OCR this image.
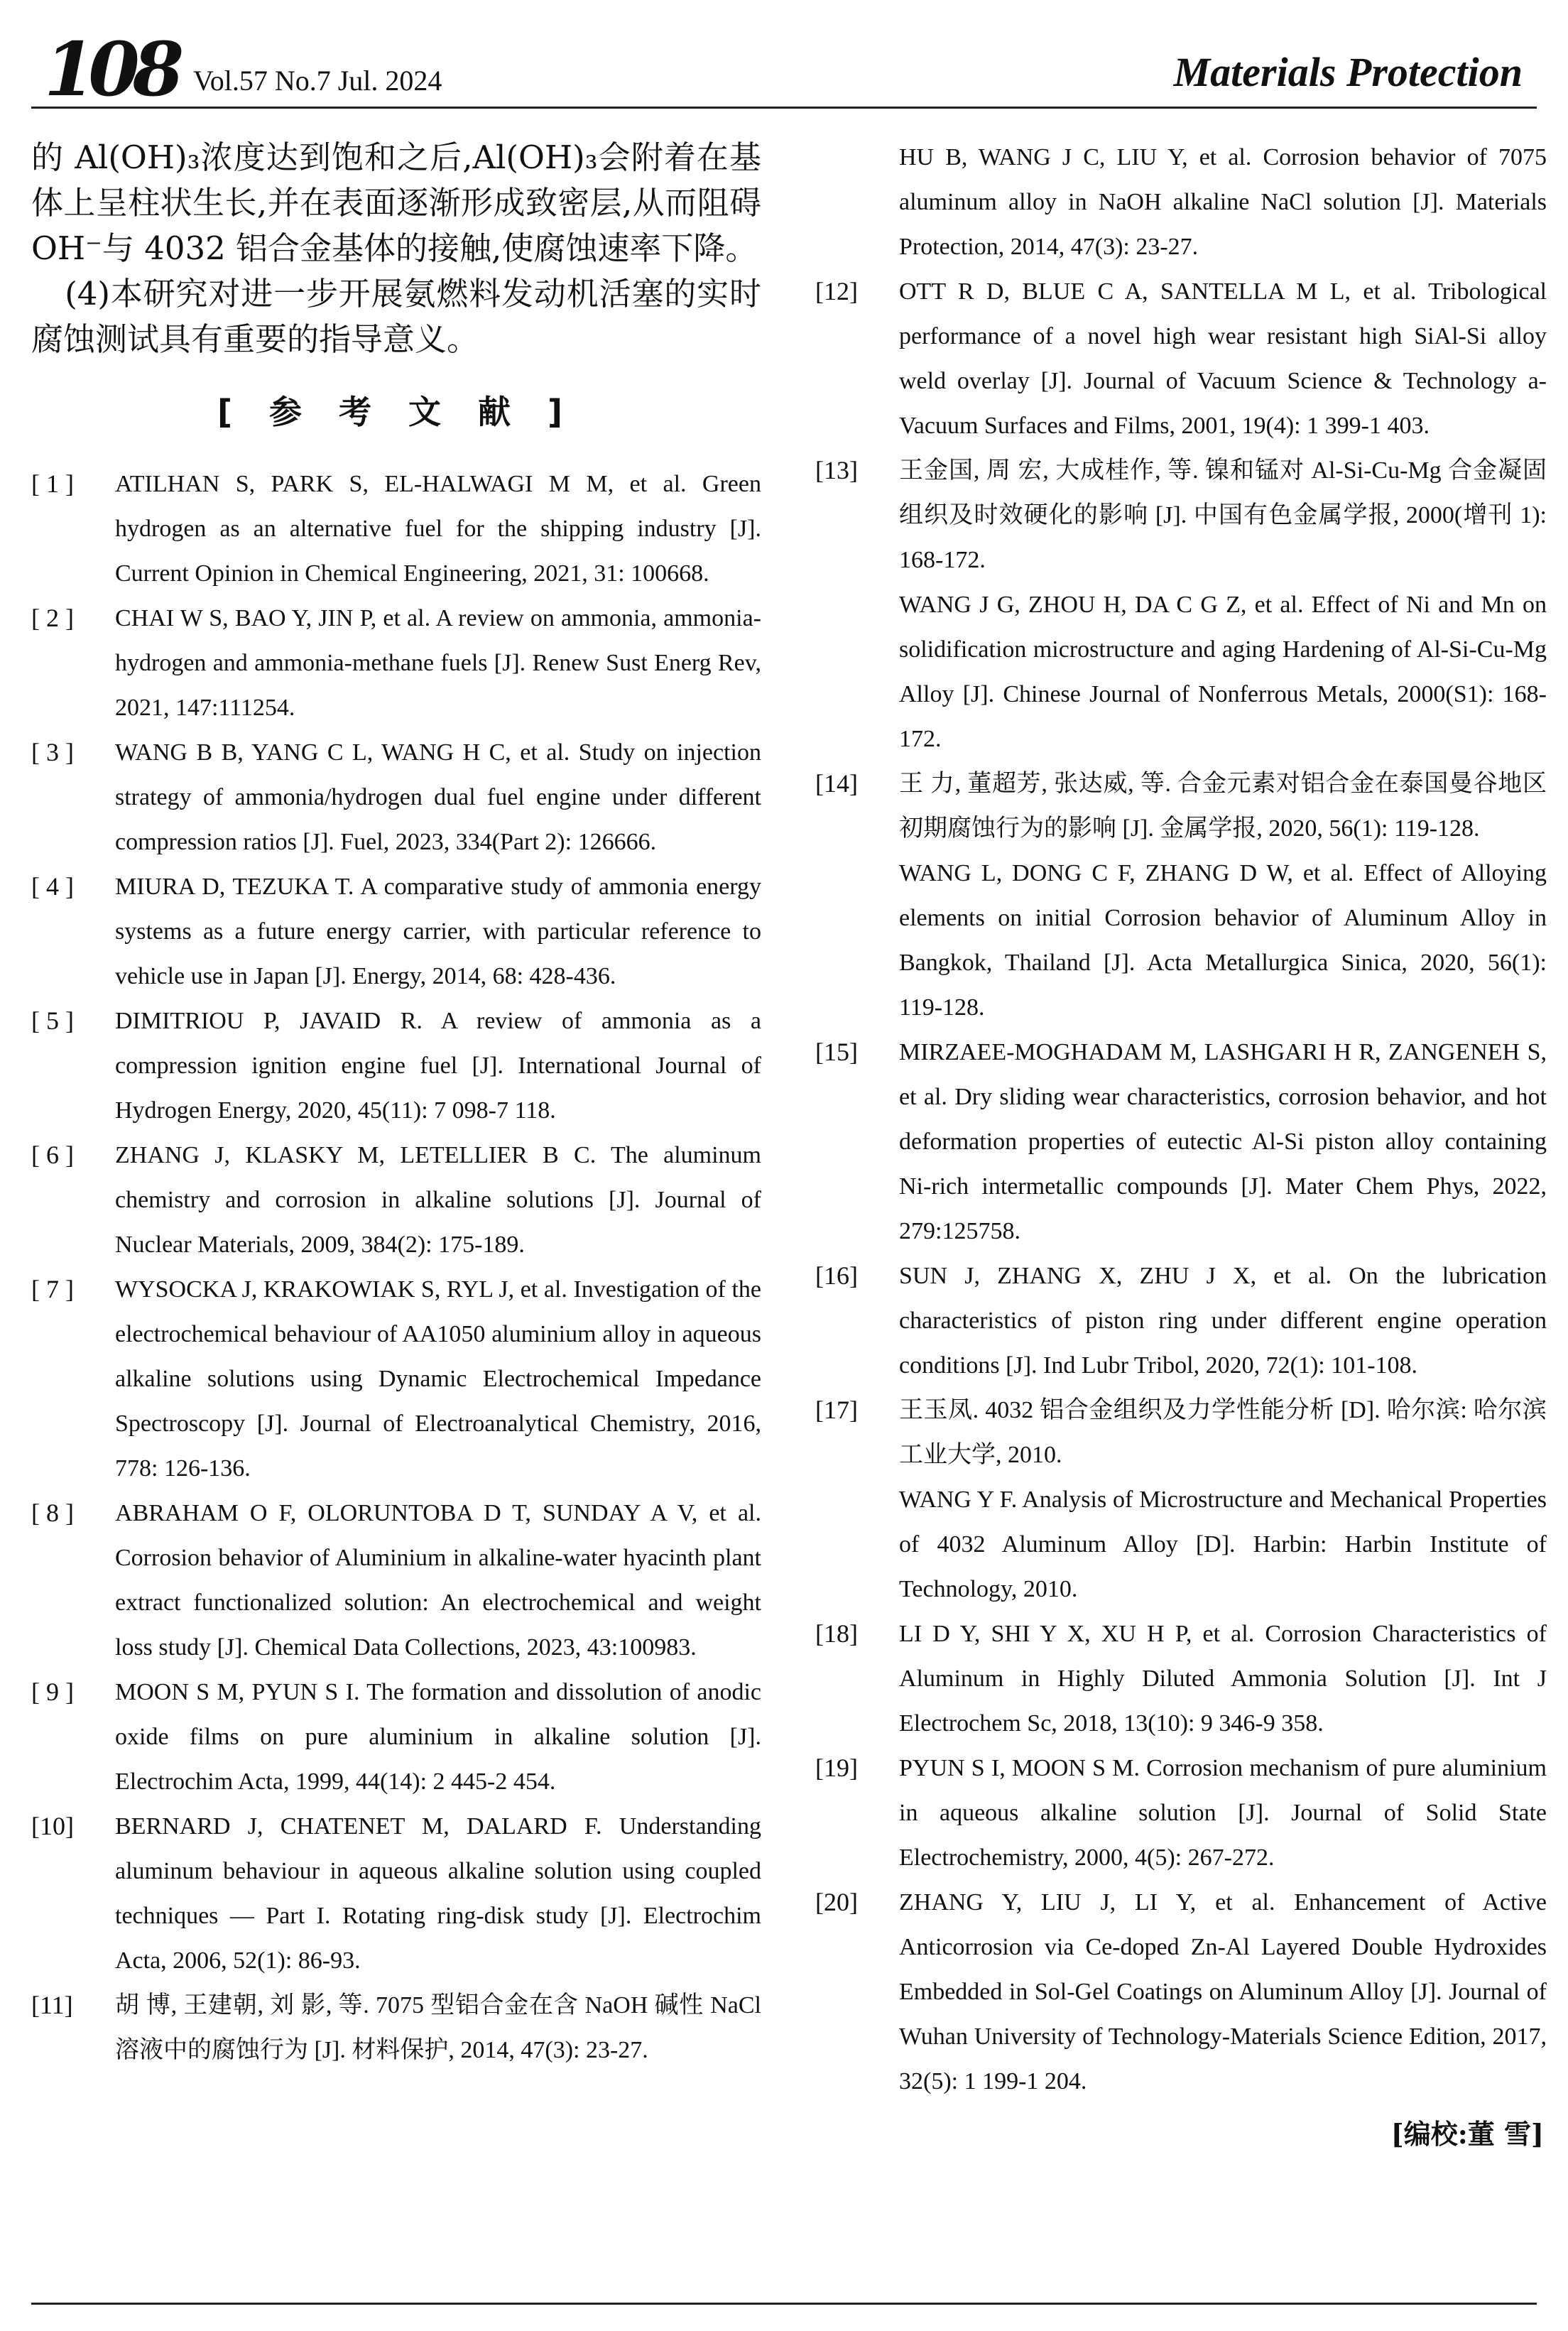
108 Vol.57 No.7 Jul. 2024	Materials Protection

的 Al(OH)₃浓度达到饱和之后,Al(OH)₃会附着在基体上呈柱状生长,并在表面逐渐形成致密层,从而阻碍 OH⁻与 4032 铝合金基体的接触,使腐蚀速率下降。

(4)本研究对进一步开展氨燃料发动机活塞的实时腐蚀测试具有重要的指导意义。

[ 参 考 文 献 ]
[ 1 ] ATILHAN S, PARK S, EL-HALWAGI M M, et al. Green hydrogen as an alternative fuel for the shipping industry [J]. Current Opinion in Chemical Engineering, 2021, 31: 100668.
[ 2 ] CHAI W S, BAO Y, JIN P, et al. A review on ammonia, ammonia-hydrogen and ammonia-methane fuels [J]. Renew Sust Energ Rev, 2021, 147:111254.
[ 3 ] WANG B B, YANG C L, WANG H C, et al. Study on injection strategy of ammonia/hydrogen dual fuel engine under different compression ratios [J]. Fuel, 2023, 334(Part 2): 126666.
[ 4 ] MIURA D, TEZUKA T. A comparative study of ammonia energy systems as a future energy carrier, with particular reference to vehicle use in Japan [J]. Energy, 2014, 68: 428-436.
[ 5 ] DIMITRIOU P, JAVAID R. A review of ammonia as a compression ignition engine fuel [J]. International Journal of Hydrogen Energy, 2020, 45(11): 7 098-7 118.
[ 6 ] ZHANG J, KLASKY M, LETELLIER B C. The aluminum chemistry and corrosion in alkaline solutions [J]. Journal of Nuclear Materials, 2009, 384(2): 175-189.
[ 7 ] WYSOCKA J, KRAKOWIAK S, RYL J, et al. Investigation of the electrochemical behaviour of AA1050 aluminium alloy in aqueous alkaline solutions using Dynamic Electrochemical Impedance Spectroscopy [J]. Journal of Electroanalytical Chemistry, 2016, 778: 126-136.
[ 8 ] ABRAHAM O F, OLORUNTOBA D T, SUNDAY A V, et al. Corrosion behavior of Aluminium in alkaline-water hyacinth plant extract functionalized solution: An electrochemical and weight loss study [J]. Chemical Data Collections, 2023, 43:100983.
[ 9 ] MOON S M, PYUN S I. The formation and dissolution of anodic oxide films on pure aluminium in alkaline solution [J]. Electrochim Acta, 1999, 44(14): 2 445-2 454.
[10] BERNARD J, CHATENET M, DALARD F. Understanding aluminum behaviour in aqueous alkaline solution using coupled techniques — Part I. Rotating ring-disk study [J]. Electrochim Acta, 2006, 52(1): 86-93.
[11] 胡 博, 王建朝, 刘 影, 等. 7075 型铝合金在含 NaOH 碱性 NaCl 溶液中的腐蚀行为 [J]. 材料保护, 2014, 47(3): 23-27.
HU B, WANG J C, LIU Y, et al. Corrosion behavior of 7075 aluminum alloy in NaOH alkaline NaCl solution [J]. Materials Protection, 2014, 47(3): 23-27.
[12] OTT R D, BLUE C A, SANTELLA M L, et al. Tribological performance of a novel high wear resistant high SiAl-Si alloy weld overlay [J]. Journal of Vacuum Science & Technology a-Vacuum Surfaces and Films, 2001, 19(4): 1 399-1 403.
[13] 王金国, 周 宏, 大成桂作, 等. 镍和锰对 Al-Si-Cu-Mg 合金凝固组织及时效硬化的影响 [J]. 中国有色金属学报, 2000(增刊 1): 168-172.
WANG J G, ZHOU H, DA C G Z, et al. Effect of Ni and Mn on solidification microstructure and aging Hardening of Al-Si-Cu-Mg Alloy [J]. Chinese Journal of Nonferrous Metals, 2000(S1): 168-172.
[14] 王 力, 董超芳, 张达威, 等. 合金元素对铝合金在泰国曼谷地区初期腐蚀行为的影响 [J]. 金属学报, 2020, 56(1): 119-128.
WANG L, DONG C F, ZHANG D W, et al. Effect of Alloying elements on initial Corrosion behavior of Aluminum Alloy in Bangkok, Thailand [J]. Acta Metallurgica Sinica, 2020, 56(1): 119-128.
[15] MIRZAEE-MOGHADAM M, LASHGARI H R, ZANGENEH S, et al. Dry sliding wear characteristics, corrosion behavior, and hot deformation properties of eutectic Al-Si piston alloy containing Ni-rich intermetallic compounds [J]. Mater Chem Phys, 2022, 279:125758.
[16] SUN J, ZHANG X, ZHU J X, et al. On the lubrication characteristics of piston ring under different engine operation conditions [J]. Ind Lubr Tribol, 2020, 72(1): 101-108.
[17] 王玉凤. 4032 铝合金组织及力学性能分析 [D]. 哈尔滨: 哈尔滨工业大学, 2010.
WANG Y F. Analysis of Microstructure and Mechanical Properties of 4032 Aluminum Alloy [D]. Harbin: Harbin Institute of Technology, 2010.
[18] LI D Y, SHI Y X, XU H P, et al. Corrosion Characteristics of Aluminum in Highly Diluted Ammonia Solution [J]. Int J Electrochem Sc, 2018, 13(10): 9 346-9 358.
[19] PYUN S I, MOON S M. Corrosion mechanism of pure aluminium in aqueous alkaline solution [J]. Journal of Solid State Electrochemistry, 2000, 4(5): 267-272.
[20] ZHANG Y, LIU J, LI Y, et al. Enhancement of Active Anticorrosion via Ce-doped Zn-Al Layered Double Hydroxides Embedded in Sol-Gel Coatings on Aluminum Alloy [J]. Journal of Wuhan University of Technology-Materials Science Edition, 2017, 32(5): 1 199-1 204.
[编校:董 雪]
